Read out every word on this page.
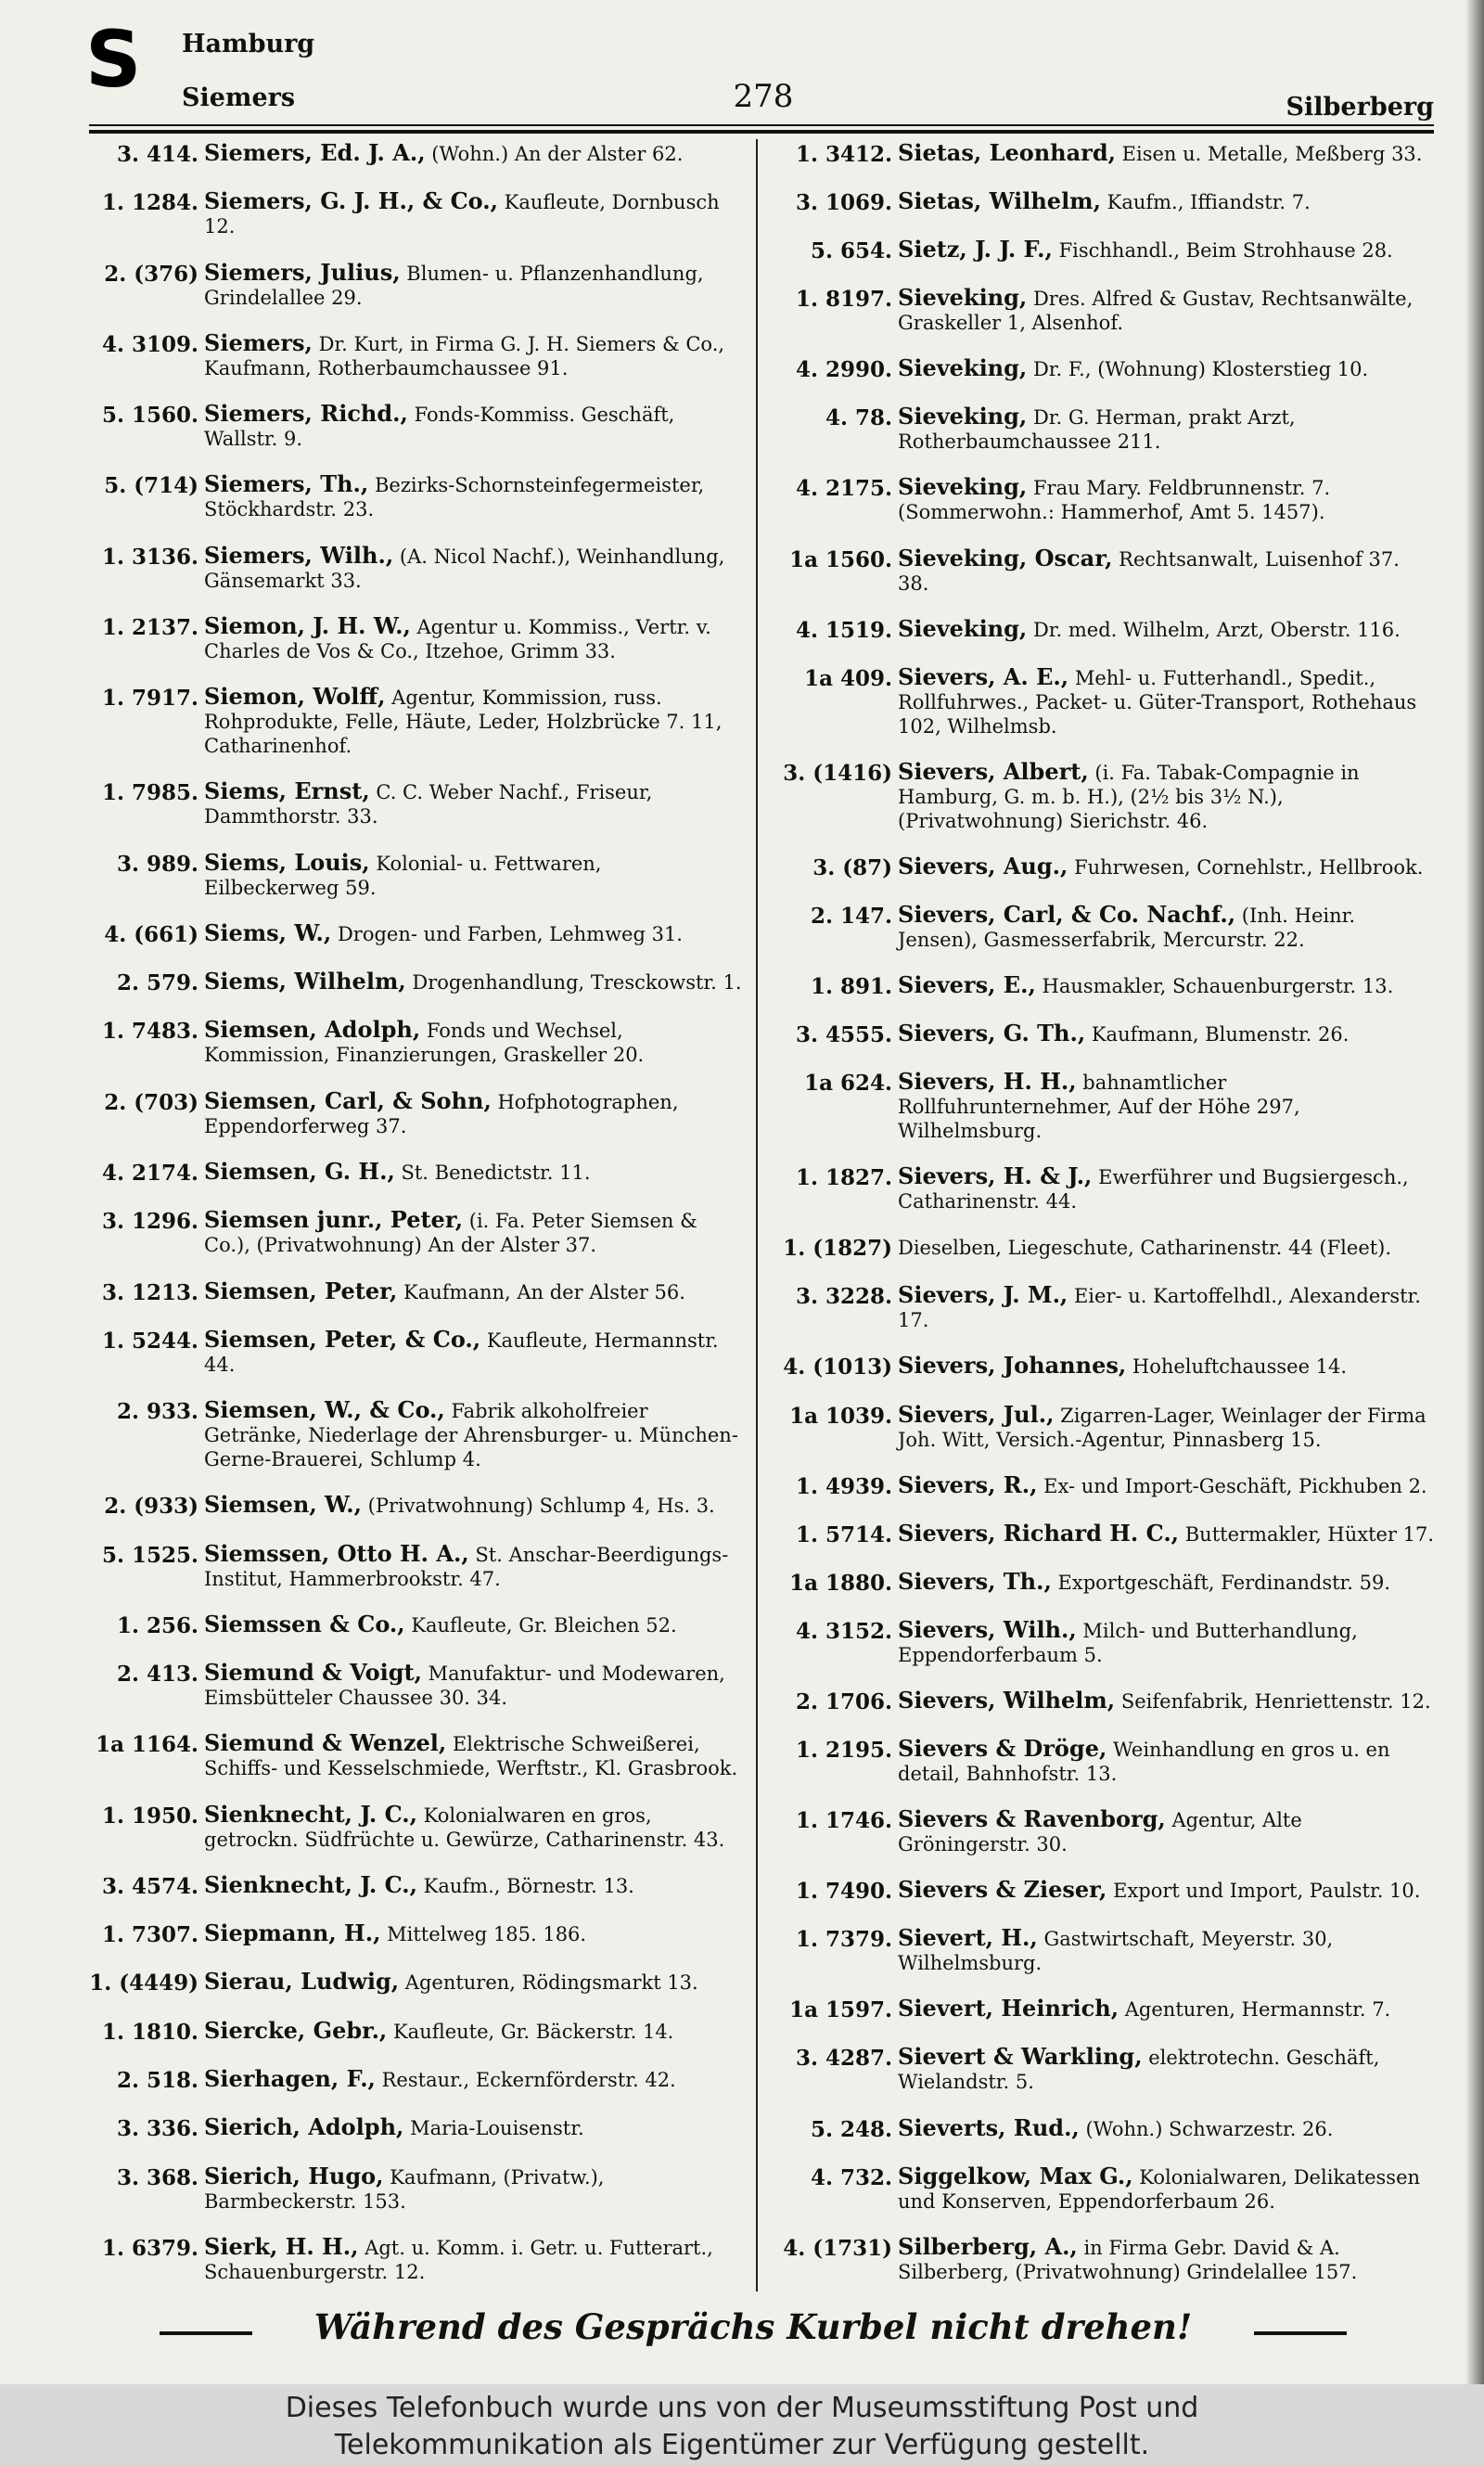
S Hamburg
Siemers	278	Silberberg
3. 414. Siemers, Ed. J. A., (Wohn.) An der Alster 62.
1. 1284. Siemers, G. J. H., & Co., Kaufleute, Dornbusch 12.
2. (376) Siemers, Julius, Blumen- u. Pflanzenhandlung, Grindelallee 29.
4. 3109. Siemers, Dr. Kurt, in Firma G. J. H. Siemers & Co., Kaufmann, Rotherbaumchaussee 91.
5. 1560. Siemers, Richd., Fonds-Kommiss. Geschäft, Wallstr. 9.
5. (714) Siemers, Th., Bezirks-Schornsteinfegermeister, Stöckhardstr. 23.
1. 3136. Siemers, Wilh., (A. Nicol Nachf.), Weinhandlung, Gänsemarkt 33.
1. 2137. Siemon, J. H. W., Agentur u. Kommiss., Vertr. v. Charles de Vos & Co., Itzehoe, Grimm 33.
1. 7917. Siemon, Wolff, Agentur, Kommission, russ. Rohprodukte, Felle, Häute, Leder, Holzbrücke 7. 11, Catharinenhof.
1. 7985. Siems, Ernst, C. C. Weber Nachf., Friseur, Dammthorstr. 33.
3. 989. Siems, Louis, Kolonial- u. Fettwaren, Eilbeckerweg 59.
4. (661) Siems, W., Drogen- und Farben, Lehmweg 31.
2. 579. Siems, Wilhelm, Drogenhandlung, Tresckowstr. 1.
1. 7483. Siemsen, Adolph, Fonds und Wechsel, Kommission, Finanzierungen, Graskeller 20.
2. (703) Siemsen, Carl, & Sohn, Hofphotographen, Eppendorferweg 37.
4. 2174. Siemsen, G. H., St. Benedictstr. 11.
3. 1296. Siemsen junr., Peter, (i. Fa. Peter Siemsen & Co.), (Privatwohnung) An der Alster 37.
3. 1213. Siemsen, Peter, Kaufmann, An der Alster 56.
1. 5244. Siemsen, Peter, & Co., Kaufleute, Hermannstr. 44.
2. 933. Siemsen, W., & Co., Fabrik alkoholfreier Getränke, Niederlage der Ahrensburger- u. München-Gerne-Brauerei, Schlump 4.
2. (933) Siemsen, W., (Privatwohnung) Schlump 4, Hs. 3.
5. 1525. Siemssen, Otto H. A., St. Anschar-Beerdigungs-Institut, Hammerbrookstr. 47.
1. 256. Siemssen & Co., Kaufleute, Gr. Bleichen 52.
2. 413. Siemund & Voigt, Manufaktur- und Modewaren, Eimsbütteler Chaussee 30. 34.
1a 1164. Siemund & Wenzel, Elektrische Schweißerei, Schiffs- und Kesselschmiede, Werftstr., Kl. Grasbrook.
1. 1950. Sienknecht, J. C., Kolonialwaren en gros, getrockn. Südfrüchte u. Gewürze, Catharinenstr. 43.
3. 4574. Sienknecht, J. C., Kaufm., Börnestr. 13.
1. 7307. Siepmann, H., Mittelweg 185. 186.
1. (4449) Sierau, Ludwig, Agenturen, Rödingsmarkt 13.
1. 1810. Siercke, Gebr., Kaufleute, Gr. Bäckerstr. 14.
2. 518. Sierhagen, F., Restaur., Eckernförderstr. 42.
3. 336. Sierich, Adolph, Maria-Louisenstr.
3. 368. Sierich, Hugo, Kaufmann, (Privatw.), Barmbeckerstr. 153.
1. 6379. Sierk, H. H., Agt. u. Komm. i. Getr. u. Futterart., Schauenburgerstr. 12.
1. 3412. Sietas, Leonhard, Eisen u. Metalle, Meßberg 33.
3. 1069. Sietas, Wilhelm, Kaufm., Iffiandstr. 7.
5. 654. Sietz, J. J. F., Fischhandl., Beim Strohhause 28.
1. 8197. Sieveking, Dres. Alfred & Gustav, Rechtsanwälte, Graskeller 1, Alsenhof.
4. 2990. Sieveking, Dr. F., (Wohnung) Klosterstieg 10.
4. 78. Sieveking, Dr. G. Herman, prakt Arzt, Rotherbaumchaussee 211.
4. 2175. Sieveking, Frau Mary. Feldbrunnenstr. 7. (Sommerwohn.: Hammerhof, Amt 5. 1457).
1a 1560. Sieveking, Oscar, Rechtsanwalt, Luisenhof 37. 38.
4. 1519. Sieveking, Dr. med. Wilhelm, Arzt, Oberstr. 116.
1a 409. Sievers, A. E., Mehl- u. Futterhandl., Spedit., Rollfuhrwes., Packet- u. Güter-Transport, Rothehaus 102, Wilhelmsb.
3. (1416) Sievers, Albert, (i. Fa. Tabak-Compagnie in Hamburg, G. m. b. H.), (2½ bis 3½ N.), (Privatwohnung) Sierichstr. 46.
3. (87) Sievers, Aug., Fuhrwesen, Cornehlstr., Hellbrook.
2. 147. Sievers, Carl, & Co. Nachf., (Inh. Heinr. Jensen), Gasmesserfabrik, Mercurstr. 22.
1. 891. Sievers, E., Hausmakler, Schauenburgerstr. 13.
3. 4555. Sievers, G. Th., Kaufmann, Blumenstr. 26.
1a 624. Sievers, H. H., bahnamtlicher Rollfuhrunternehmer, Auf der Höhe 297, Wilhelmsburg.
1. 1827. Sievers, H. & J., Ewerführer und Bugsiergesch., Catharinenstr. 44.
1. (1827) Dieselben, Liegeschute, Catharinenstr. 44 (Fleet).
3. 3228. Sievers, J. M., Eier- u. Kartoffelhdl., Alexanderstr. 17.
4. (1013) Sievers, Johannes, Hoheluftchaussee 14.
1a 1039. Sievers, Jul., Zigarren-Lager, Weinlager der Firma Joh. Witt, Versich.-Agentur, Pinnasberg 15.
1. 4939. Sievers, R., Ex- und Import-Geschäft, Pickhuben 2.
1. 5714. Sievers, Richard H. C., Buttermakler, Hüxter 17.
1a 1880. Sievers, Th., Exportgeschäft, Ferdinandstr. 59.
4. 3152. Sievers, Wilh., Milch- und Butterhandlung, Eppendorferbaum 5.
2. 1706. Sievers, Wilhelm, Seifenfabrik, Henriettenstr. 12.
1. 2195. Sievers & Dröge, Weinhandlung en gros u. en detail, Bahnhofstr. 13.
1. 1746. Sievers & Ravenborg, Agentur, Alte Gröningerstr. 30.
1. 7490. Sievers & Zieser, Export und Import, Paulstr. 10.
1. 7379. Sievert, H., Gastwirtschaft, Meyerstr. 30, Wilhelmsburg.
1a 1597. Sievert, Heinrich, Agenturen, Hermannstr. 7.
3. 4287. Sievert & Warkling, elektrotechn. Geschäft, Wielandstr. 5.
5. 248. Sieverts, Rud., (Wohn.) Schwarzestr. 26.
4. 732. Siggelkow, Max G., Kolonialwaren, Delikatessen und Konserven, Eppendorferbaum 26.
4. (1731) Silberberg, A., in Firma Gebr. David & A. Silberberg, (Privatwohnung) Grindelallee 157.
Während des Gesprächs Kurbel nicht drehen!
Dieses Telefonbuch wurde uns von der Museumsstiftung Post und
Telekommunikation als Eigentümer zur Verfügung gestellt.
